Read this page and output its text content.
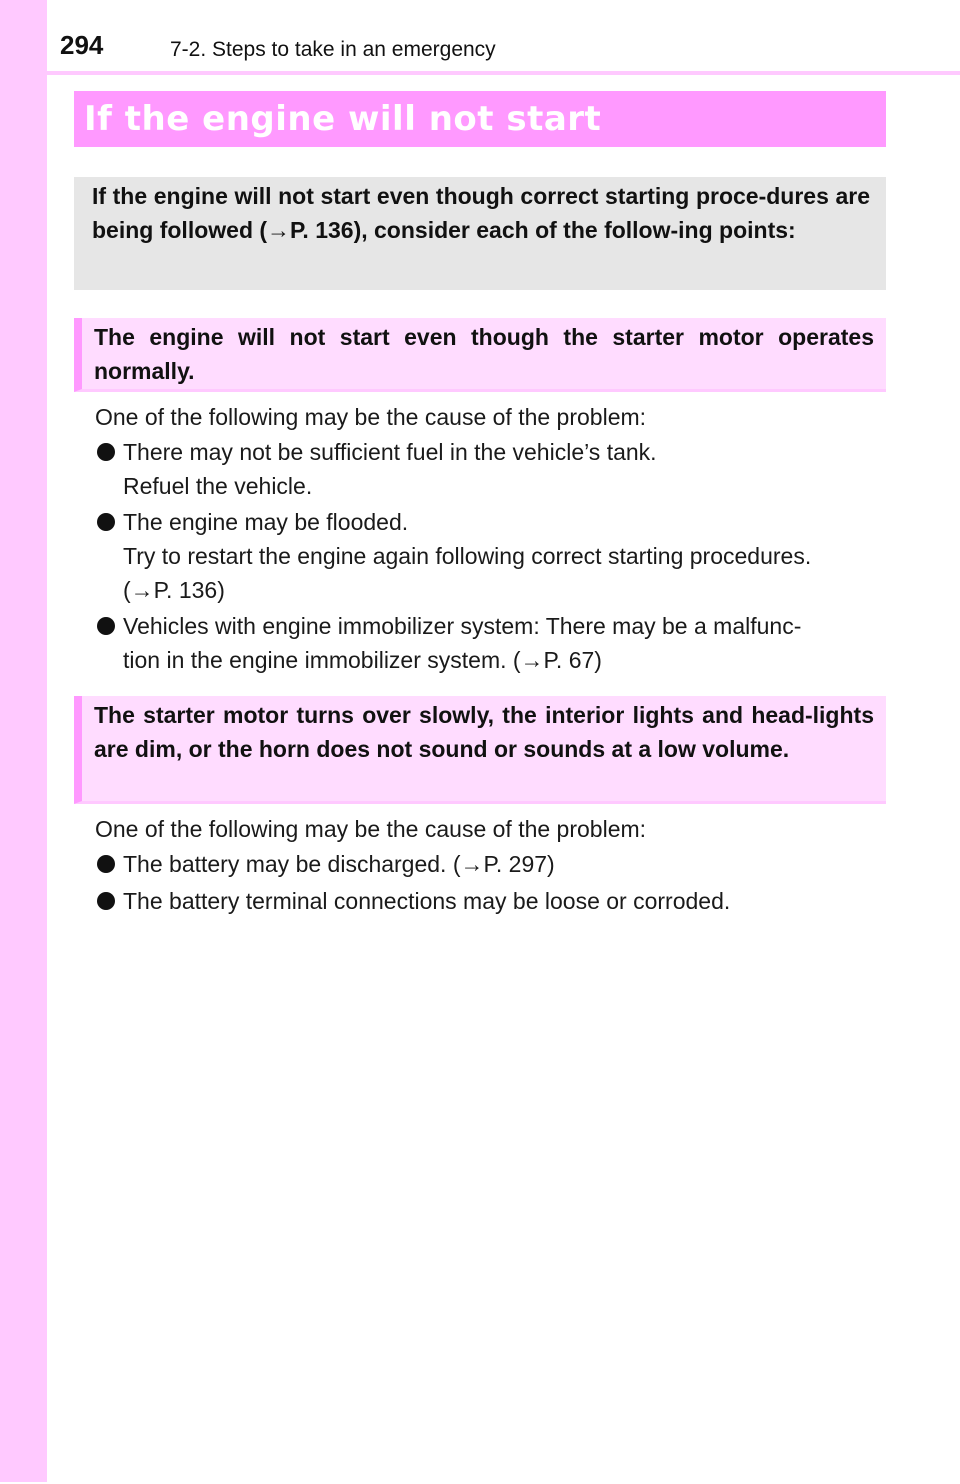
294	7-2. Steps to take in an emergency
If the engine will not start
If the engine will not start even though correct starting proce-dures are being followed (→P. 136), consider each of the follow-ing points:
The engine will not start even though the starter motor operates normally.
One of the following may be the cause of the problem:
There may not be sufficient fuel in the vehicle’s tank.
Refuel the vehicle.
The engine may be flooded.
Try to restart the engine again following correct starting procedures.
(→P. 136)
Vehicles with engine immobilizer system: There may be a malfunc-
tion in the engine immobilizer system. (→P. 67)
The starter motor turns over slowly, the interior lights and head-lights are dim, or the horn does not sound or sounds at a low volume.
One of the following may be the cause of the problem:
The battery may be discharged. (→P. 297)
The battery terminal connections may be loose or corroded.
